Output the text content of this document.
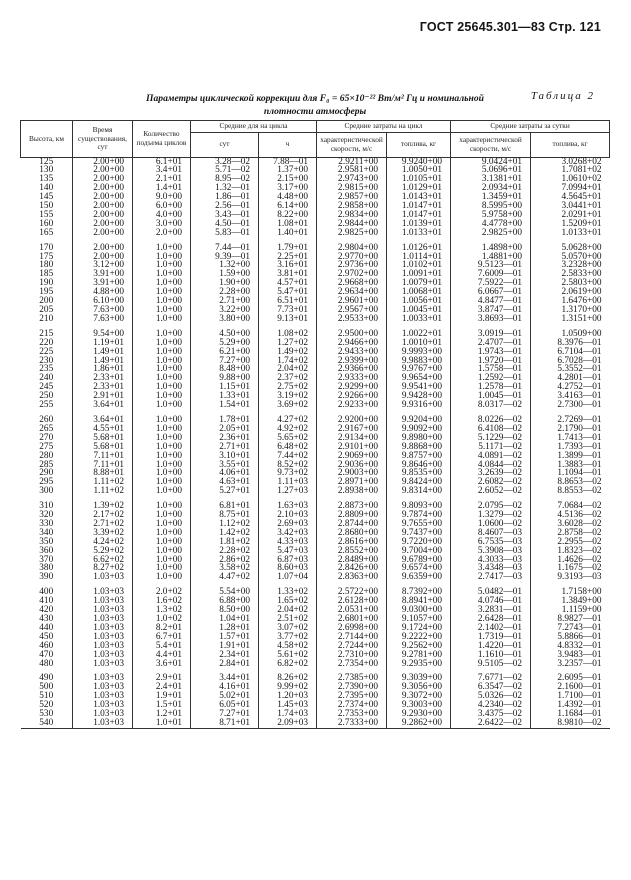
ГОСТ 25645.301—83 Стр. 121
Таблица 2
Параметры циклической коррекции для F₀ = 65×10⁻²² Вт/м² Гц и номинальной
плотности атмосферы
Высота, км	Время существования, сут	Количество подъема циклов	Средние для на цикла		Средние затраты на цикл		Средние затраты за сутки	
			сут	ч	характеристической скорости, м/с	топлива, кг	характеристической скорости, м/с	топлива, кг
125	2.00+00	6.1+01	3.28—02	7.88—01	2.9211+00	9.9240+00	9.0424+01	3.0268+02
130	2.00+00	3.4+01	5.71—02	1.37+00	2.9581+00	1.0050+01	5.0696+01	1.7081+02
135	2.00+00	2.1+01	8.95—02	2.15+00	2.9743+00	1.0105+01	3.1381+01	1.0610+02
140	2.00+00	1.4+01	1.32—01	3.17+00	2.9815+00	1.0129+01	2.0934+01	7.0994+01
145	2.00+00	9.0+00	1.86—01	4.48+00	2.9857+00	1.0143+01	1.3459+01	4.5645+01
150	2.00+00	6.0+00	2.56—01	6.14+00	2.9858+00	1.0147+01	8.5995+00	3.0441+01
155	2.00+00	4.0+00	3.43—01	8.22+00	2.9834+00	1.0147+01	5.9758+00	2.0291+01
160	2.00+00	3.0+00	4.50—01	1.08+01	2.9844+00	1.0139+01	4.4778+00	1.5209+01
165	2.00+00	2.0+00	5.83—01	1.40+01	2.9825+00	1.0133+01	2.9825+00	1.0133+01

170	2.00+00	1.0+00	7.44—01	1.79+01	2.9804+00	1.0126+01	1.4898+00	5.0628+00
175	2.00+00	1.0+00	9.39—01	2.25+01	2.9770+00	1.0114+01	1.4881+00	5.0570+00
180	3.12+00	1.0+00	1.32+00	3.16+01	2.9736+00	1.0102+01	9.5123—01	3.2328+00
185	3.91+00	1.0+00	1.59+00	3.81+01	2.9702+00	1.0091+01	7.6009—01	2.5833+00
190	3.91+00	1.0+00	1.90+00	4.57+01	2.9668+00	1.0079+01	7.5922—01	2.5803+00
195	4.88+00	1.0+00	2.28+00	5.47+01	2.9634+00	1.0068+01	6.0667—01	2.0619+00
200	6.10+00	1.0+00	2.71+00	6.51+01	2.9601+00	1.0056+01	4.8477—01	1.6476+00
205	7.63+00	1.0+00	3.22+00	7.73+01	2.9567+00	1.0045+01	3.8747—01	1.3170+00
210	7.63+00	1.0+00	3.80+00	9.13+01	2.9533+00	1.0033+01	3.8693—01	1.3151+00

215	9.54+00	1.0+00	4.50+00	1.08+02	2.9500+00	1.0022+01	3.0919—01	1.0509+00
220	1.19+01	1.0+00	5.29+00	1.27+02	2.9466+00	1.0010+01	2.4707—01	8.3976—01
225	1.49+01	1.0+00	6.21+00	1.49+02	2.9433+00	9.9993+00	1.9743—01	6.7104—01
230	1.49+01	1.0+00	7.27+00	1.74+02	2.9399+00	9.9883+00	1.9720—01	6.7028—01
235	1.86+01	1.0+00	8.48+00	2.04+02	2.9366+00	9.9767+00	1.5758—01	5.3552—01
240	2.33+01	1.0+00	9.88+00	2.37+02	2.9333+00	9.9654+00	1.2592—01	4.2801—01
245	2.33+01	1.0+00	1.15+01	2.75+02	2.9299+00	9.9541+00	1.2578—01	4.2752—01
250	2.91+01	1.0+00	1.33+01	3.19+02	2.9266+00	9.9428+00	1.0045—01	3.4163—01
255	3.64+01	1.0+00	1.54+01	3.69+02	2.9233+00	9.9316+00	8.0317—02	2.7300—01

260	3.64+01	1.0+00	1.78+01	4.27+02	2.9200+00	9.9204+00	8.0226—02	2.7269—01
265	4.55+01	1.0+00	2.05+01	4.92+02	2.9167+00	9.9092+00	6.4108—02	2.1790—01
270	5.68+01	1.0+00	2.36+01	5.65+02	2.9134+00	9.8980+00	5.1229—02	1.7413—01
275	5.68+01	1.0+00	2.71+01	6.48+02	2.9101+00	9.8868+00	5.1171—02	1.7393—01
280	7.11+01	1.0+00	3.10+01	7.44+02	2.9069+00	9.8757+00	4.0891—02	1.3899—01
285	7.11+01	1.0+00	3.55+01	8.52+02	2.9036+00	9.8646+00	4.0844—02	1.3883—01
290	8.88+01	1.0+00	4.06+01	9.73+02	2.9003+00	9.8535+00	3.2639—02	1.1094—01
295	1.11+02	1.0+00	4.63+01	1.11+03	2.8971+00	9.8424+00	2.6082—02	8.8653—02
300	1.11+02	1.0+00	5.27+01	1.27+03	2.8938+00	9.8314+00	2.6052—02	8.8553—02

310	1.39+02	1.0+00	6.81+01	1.63+03	2.8873+00	9.8093+00	2.0795—02	7.0684—02
320	2.17+02	1.0+00	8.75+01	2.10+03	2.8809+00	9.7874+00	1.3279—02	4.5136—02
330	2.71+02	1.0+00	1.12+02	2.69+03	2.8744+00	9.7655+00	1.0600—02	3.6028—02
340	3.39+02	1.0+00	1.42+02	3.42+03	2.8680+00	9.7437+00	8.4607—03	2.8758—02
350	4.24+02	1.0+00	1.81+02	4.33+03	2.8616+00	9.7220+00	6.7535—03	2.2955—02
360	5.29+02	1.0+00	2.28+02	5.47+03	2.8552+00	9.7004+00	5.3908—03	1.8323—02
370	6.62+02	1.0+00	2.86+02	6.87+03	2.8489+00	9.6789+00	4.3033—03	1.4626—02
380	8.27+02	1.0+00	3.58+02	8.60+03	2.8426+00	9.6574+00	3.4348—03	1.1675—02
390	1.03+03	1.0+00	4.47+02	1.07+04	2.8363+00	9.6359+00	2.7417—03	9.3193—03

400	1.03+03	2.0+02	5.54+00	1.33+02	2.5722+00	8.7392+00	5.0482—01	1.7158+00
410	1.03+03	1.6+02	6.88+00	1.65+02	2.6128+00	8.8941+00	4.0746—01	1.3849+00
420	1.03+03	1.3+02	8.50+00	2.04+02	2.0531+00	9.0300+00	3.2831—01	1.1159+00
430	1.03+03	1.0+02	1.04+01	2.51+02	2.6801+00	9.1057+00	2.6428—01	8.9827—01
440	1.03+03	8.2+01	1.28+01	3.07+02	2.6998+00	9.1724+00	2.1402—01	7.2743—01
450	1.03+03	6.7+01	1.57+01	3.77+02	2.7144+00	9.2222+00	1.7319—01	5.8866—01
460	1.03+03	5.4+01	1.91+01	4.58+02	2.7244+00	9.2562+00	1.4220—01	4.8332—01
470	1.03+03	4.4+01	2.34+01	5.61+02	2.7310+00	9.2781+00	1.1610—01	3.9483—01
480	1.03+03	3.6+01	2.84+01	6.82+02	2.7354+00	9.2935+00	9.5105—02	3.2357—01

490	1.03+03	2.9+01	3.44+01	8.26+02	2.7385+00	9.3039+00	7.6771—02	2.6095—01
500	1.03+03	2.4+01	4.16+01	9.99+02	2.7390+00	9.3056+00	6.3547—02	2.1600—01
510	1.03+03	1.9+01	5.02+01	1.20+03	2.7395+00	9.3072+00	5.0326—02	1.7100—01
520	1.03+03	1.5+01	6.05+01	1.45+03	2.7374+00	9.3003+00	4.2340—02	1.4392—01
530	1.03+03	1.2+01	7.27+01	1.74+03	2.7353+00	9.2930+00	3.4375—02	1.1684—01
540	1.03+03	1.0+01	8.71+01	2.09+03	2.7333+00	9.2862+00	2.6422—02	8.9810—02
